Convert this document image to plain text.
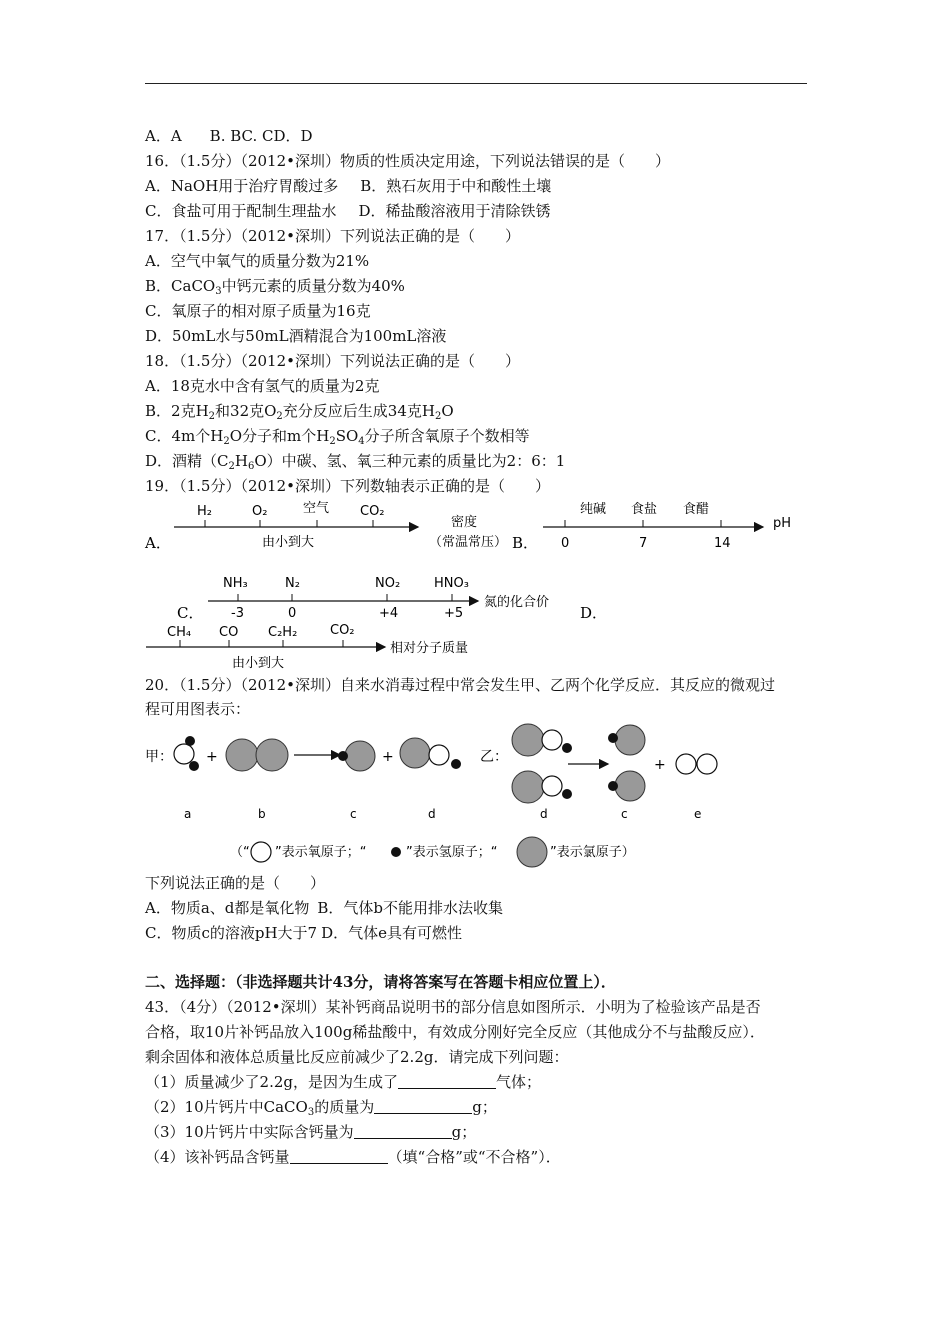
A．A B. BC. CD．D
16．（1.5分）（2012•深圳）物质的性质决定用途，下列说法错误的是（　　）
A．NaOH用于治疗胃酸过多 B．熟石灰用于中和酸性土壤
C．食盐可用于配制生理盐水 D．稀盐酸溶液用于清除铁锈
17．（1.5分）（2012•深圳）下列说法正确的是（　　）
A．空气中氧气的质量分数为21%
B．CaCO$_3$中钙元素的质量分数为40%
C．氧原子的相对原子质量为16克
D．50mL水与50mL酒精混合为100mL溶液
18．（1.5分）（2012•深圳）下列说法正确的是（　　）
A．18克水中含有氢气的质量为2克
B．2克$H_2$和32克$O_2$充分反应后生成34克$H_2O$
C．4m个$H_2O$分子和m个$H_2SO_4$分子所含氧原子个数相等
D．酒精$(C_2H_6O)$中碳、氢、氧三种元素的质量比为2：6：1
19．（1.5分）（2012•深圳）下列数轴表示正确的是（　　）
A．
H₂	O₂	空气 CO₂
由小到大
密度
（常温常压） B．
纯碱 食盐 食醋
0	7	14
pH
C．
NH₃	N₂	NO₂	HNO₃
-3	0	+4	+5
氮的化合价
D．
CH₄ CO C₂H₂	CO₂
由小到大
相对分子质量
甲： +	+
a	b	c	d
乙：	+
d	c	e
（“ ”表示氧原子；“	”表示氢原子；“	”表示氯原子）
20．（1.5分）（2012•深圳）自来水消毒过程中常会发生甲、乙两个化学反应．其反应的微观过
程可用图表示：
下列说法正确的是（　　）
A．物质a、d都是氧化物 B．气体b不能用排水法收集
C．物质c的溶液pH大于7 D．气体e具有可燃性
二、选择题：（非选择题共计43分，请将答案写在答题卡相应位置上）．
43．（4分）（2012•深圳）某补钙商品说明书的部分信息如图所示．小明为了检验该产品是否
合格，取10片补钙品放入100g稀盐酸中，有效成分刚好完全反应（其他成分不与盐酸反应）．
剩余固体和液体总质量比反应前减少了2.2g．请完成下列问题：
（1）质量减少了2.2g，是因为生成了	气体；
（2）10片钙片中CaCO$_3$的质量为	g；
（3）10片钙片中实际含钙量为	g；
（4）该补钙品含钙量	（填“合格”或“不合格”）．
